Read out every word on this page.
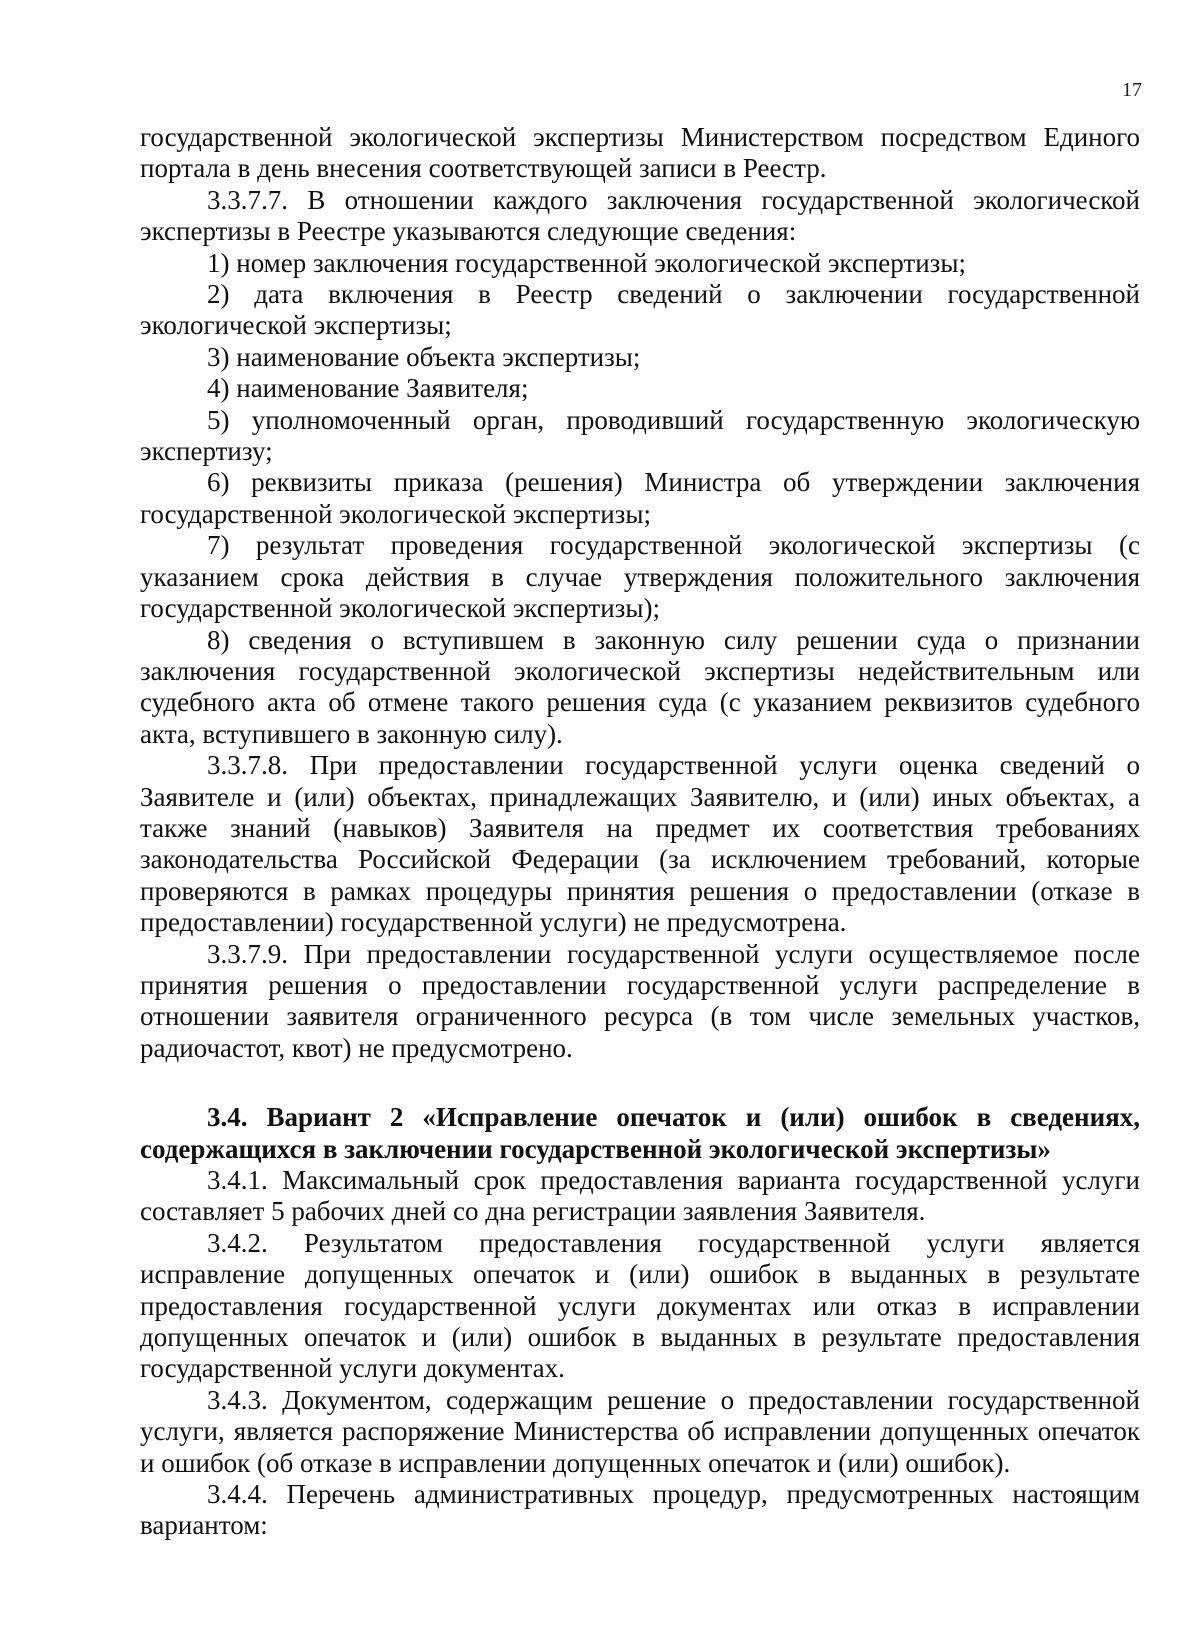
17

государственной экологической экспертизы Министерством посредством Единого портала в день внесения соответствующей записи в Реестр.

3.3.7.7. В отношении каждого заключения государственной экологической экспертизы в Реестре указываются следующие сведения:

1) номер заключения государственной экологической экспертизы;

2) дата включения в Реестр сведений о заключении государственной экологической экспертизы;

3) наименование объекта экспертизы;

4) наименование Заявителя;

5) уполномоченный орган, проводивший государственную экологическую экспертизу;

6) реквизиты приказа (решения) Министра об утверждении заключения государственной экологической экспертизы;

7) результат проведения государственной экологической экспертизы (с указанием срока действия в случае утверждения положительного заключения государственной экологической экспертизы);

8) сведения о вступившем в законную силу решении суда о признании заключения государственной экологической экспертизы недействительным или судебного акта об отмене такого решения суда (с указанием реквизитов судебного акта, вступившего в законную силу).

3.3.7.8. При предоставлении государственной услуги оценка сведений о Заявителе и (или) объектах, принадлежащих Заявителю, и (или) иных объектах, а также знаний (навыков) Заявителя на предмет их соответствия требованиях законодательства Российской Федерации (за исключением требований, которые проверяются в рамках процедуры принятия решения о предоставлении (отказе в предоставлении) государственной услуги) не предусмотрена.

3.3.7.9. При предоставлении государственной услуги осуществляемое после принятия решения о предоставлении государственной услуги распределение в отношении заявителя ограниченного ресурса (в том числе земельных участков, радиочастот, квот) не предусмотрено.

3.4. Вариант 2 «Исправление опечаток и (или) ошибок в сведениях, содержащихся в заключении государственной экологической экспертизы»

3.4.1. Максимальный срок предоставления варианта государственной услуги составляет 5 рабочих дней со дна регистрации заявления Заявителя.

3.4.2. Результатом предоставления государственной услуги является исправление допущенных опечаток и (или) ошибок в выданных в результате предоставления государственной услуги документах или отказ в исправлении допущенных опечаток и (или) ошибок в выданных в результате предоставления государственной услуги документах.

3.4.3. Документом, содержащим решение о предоставлении государственной услуги, является распоряжение Министерства об исправлении допущенных опечаток и ошибок (об отказе в исправлении допущенных опечаток и (или) ошибок).

3.4.4. Перечень административных процедур, предусмотренных настоящим вариантом:
